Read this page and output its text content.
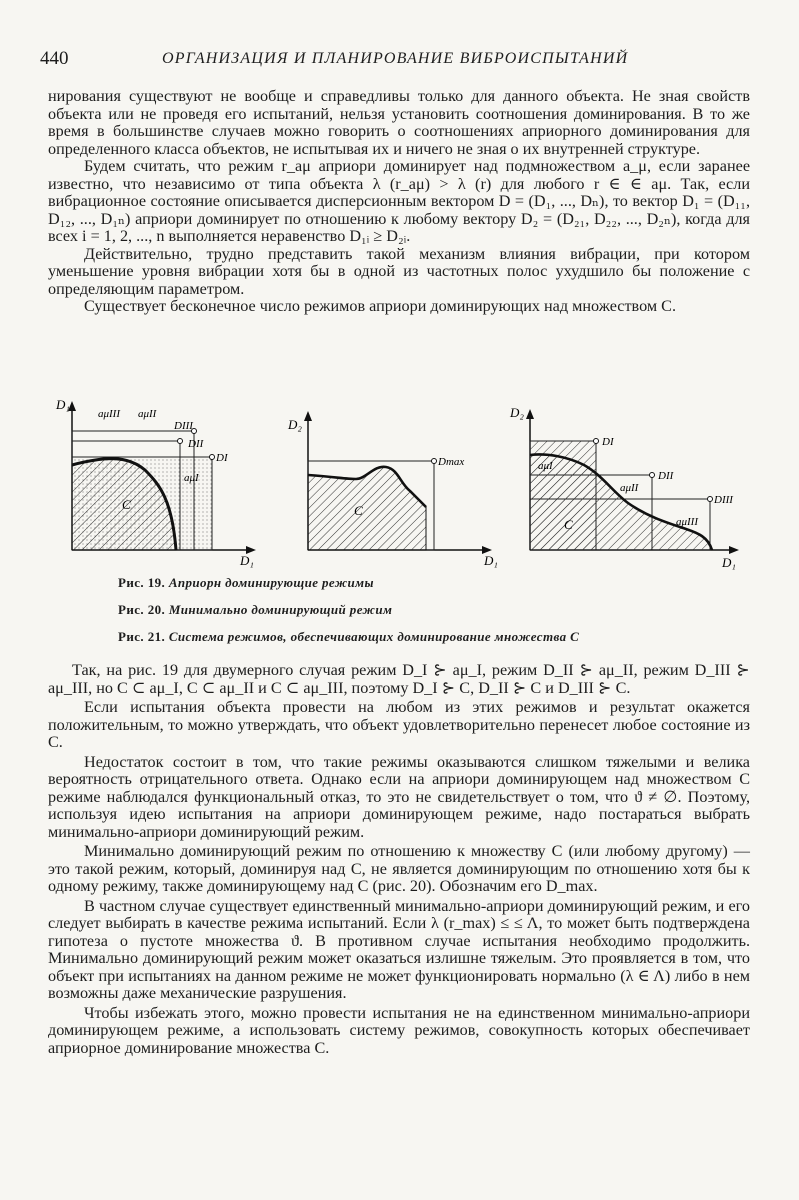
440	ОРГАНИЗАЦИЯ И ПЛАНИРОВАНИЕ ВИБРОИСПЫТАНИЙ

нирования существуют не вообще и справедливы только для данного объекта. Не зная свойств объекта или не проведя его испытаний, нельзя установить соотношения доминирования. В то же время в большинстве случаев можно говорить о соотношениях априорного доминирования для определенного класса объектов, не испытывая их и ничего не зная о их внутренней структуре.

Будем считать, что режим r_aμ априори доминирует над подмножеством a_μ, если заранее известно, что независимо от типа объекта λ (r_aμ) > λ (r) для любого r ∈ ∈ aμ. Так, если вибрационное состояние описывается дисперсионным вектором D = (D₁, ..., Dₙ), то вектор D₁ = (D₁₁, D₁₂, ..., D₁ₙ) априори доминирует по отношению к любому вектору D₂ = (D₂₁, D₂₂, ..., D₂ₙ), когда для всех i = 1, 2, ..., n выполняется неравенство D₁ᵢ ≥ D₂ᵢ.

Действительно, трудно представить такой механизм влияния вибрации, при котором уменьшение уровня вибрации хотя бы в одной из частотных полос ухудшило бы положение с определяющим параметром.

Существует бесконечное число режимов априори доминирующих над множеством C.

D₁
D₁
aμIII aμII
DIII
DII
DI
aμI
C
D₂
D₁
Dmax
C
D₂
D₁
DI
aμI
DII
aμII
DIII
C	aμIII

Рис. 19. Априорн доминирующие режимы

Рис. 20. Минимально доминирующий режим

Рис. 21. Система режимов, обеспечивающих доминирование множества C

Так, на рис. 19 для двумерного случая режим D_I ⊱ aμ_I, режим D_II ⊱ aμ_II, режим D_III ⊱ aμ_III, но C ⊂ aμ_I, C ⊂ aμ_II и C ⊂ aμ_III, поэтому D_I ⊱ C, D_II ⊱ C и D_III ⊱ C.

Если испытания объекта провести на любом из этих режимов и результат окажется положительным, то можно утверждать, что объект удовлетворительно перенесет любое состояние из C.

Недостаток состоит в том, что такие режимы оказываются слишком тяжелыми и велика вероятность отрицательного ответа. Однако если на априори доминирующем над множеством C режиме наблюдался функциональный отказ, то это не свидетельствует о том, что ϑ ≠ ∅. Поэтому, используя идею испытания на априори доминирующем режиме, надо постараться выбрать минимально-априори доминирующий режим.

Минимально доминирующий режим по отношению к множеству C (или любому другому) — это такой режим, который, доминируя над C, не является доминирующим по отношению хотя бы к одному режиму, также доминирующему над C (рис. 20). Обозначим его D_max.

В частном случае существует единственный минимально-априори доминирующий режим, и его следует выбирать в качестве режима испытаний. Если λ (r_max) ≤ ≤ Λ, то может быть подтверждена гипотеза о пустоте множества ϑ. В противном случае испытания необходимо продолжить. Минимально доминирующий режим может оказаться излишне тяжелым. Это проявляется в том, что объект при испытаниях на данном режиме не может функционировать нормально (λ ∈ Λ) либо в нем возможны даже механические разрушения.

Чтобы избежать этого, можно провести испытания не на единственном минимально-априори доминирующем режиме, а использовать систему режимов, совокупность которых обеспечивает априорное доминирование множества C.
